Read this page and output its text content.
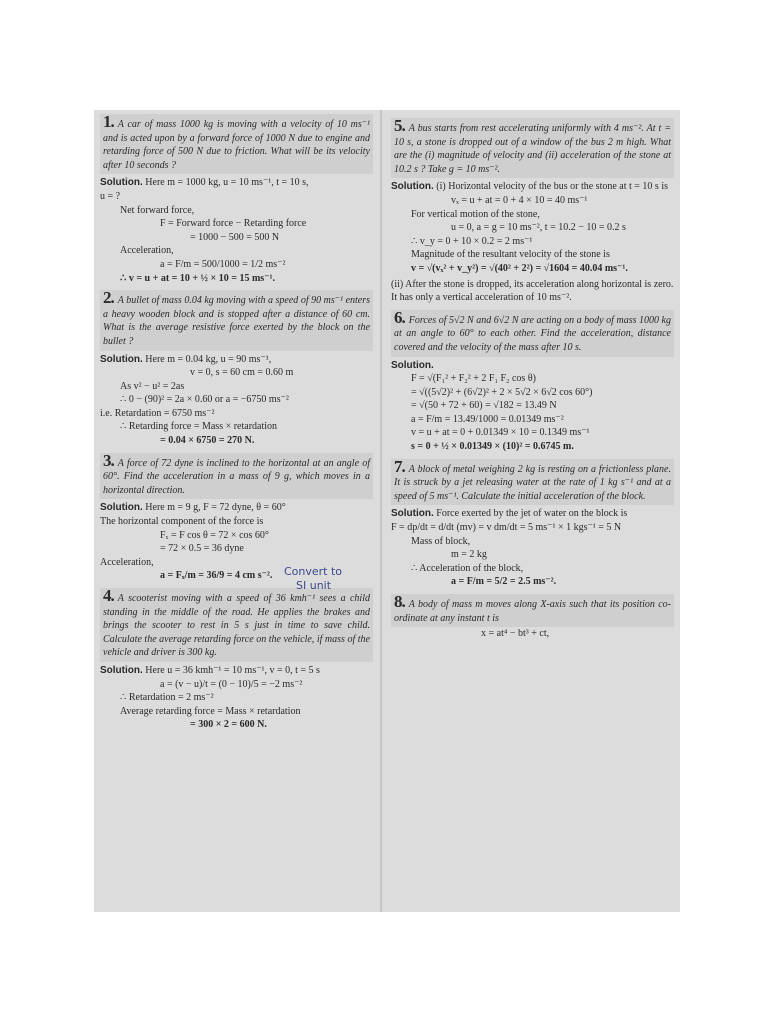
1. A car of mass 1000 kg is moving with a velocity of 10 ms⁻¹ and is acted upon by a forward force of 1000 N due to engine and retarding force of 500 N due to friction. What will be its velocity after 10 seconds ?

Solution. Here m = 1000 kg, u = 10 ms⁻¹, t = 10 s,

u = ?

Net forward force,

F = Forward force − Retarding force

= 1000 − 500 = 500 N

Acceleration,

a = F/m = 500/1000 = 1/2 ms⁻²

∴ v = u + at = 10 + ½ × 10 = 15 ms⁻¹.

2. A bullet of mass 0.04 kg moving with a speed of 90 ms⁻¹ enters a heavy wooden block and is stopped after a distance of 60 cm. What is the average resistive force exerted by the block on the bullet ?

Solution. Here m = 0.04 kg, u = 90 ms⁻¹,

v = 0, s = 60 cm = 0.60 m

As v² − u² = 2as

∴ 0 − (90)² = 2a × 0.60 or a = −6750 ms⁻²

i.e. Retardation = 6750 ms⁻²

∴ Retarding force = Mass × retardation

= 0.04 × 6750 = 270 N.

3. A force of 72 dyne is inclined to the horizontal at an angle of 60°. Find the acceleration in a mass of 9 g, which moves in a horizontal direction.

Solution. Here m = 9 g, F = 72 dyne, θ = 60°

The horizontal component of the force is

Fₓ = F cos θ = 72 × cos 60°

= 72 × 0.5 = 36 dyne

Acceleration,

a = Fₓ/m = 36/9 = 4 cm s⁻².	Convert to
SI unit

4. A scooterist moving with a speed of 36 kmh⁻¹ sees a child standing in the middle of the road. He applies the brakes and brings the scooter to rest in 5 s just in time to save child. Calculate the average retarding force on the vehicle, if mass of the vehicle and driver is 300 kg.

Solution. Here u = 36 kmh⁻¹ = 10 ms⁻¹, v = 0, t = 5 s

a = (v − u)/t = (0 − 10)/5 = −2 ms⁻²

∴ Retardation = 2 ms⁻²

Average retarding force = Mass × retardation

= 300 × 2 = 600 N.

5. A bus starts from rest accelerating uniformly with 4 ms⁻². At t = 10 s, a stone is dropped out of a window of the bus 2 m high. What are the (i) magnitude of velocity and (ii) acceleration of the stone at 10.2 s ? Take g = 10 ms⁻².

Solution. (i) Horizontal velocity of the bus or the stone at t = 10 s is

vₓ = u + at = 0 + 4 × 10 = 40 ms⁻¹

For vertical motion of the stone,

u = 0, a = g = 10 ms⁻², t = 10.2 − 10 = 0.2 s

∴ v_y = 0 + 10 × 0.2 = 2 ms⁻¹

Magnitude of the resultant velocity of the stone is

v = √(vₓ² + v_y²) = √(40² + 2²) = √1604 = 40.04 ms⁻¹.

(ii) After the stone is dropped, its acceleration along horizontal is zero. It has only a vertical acceleration of 10 ms⁻².

6. Forces of 5√2 N and 6√2 N are acting on a body of mass 1000 kg at an angle to 60° to each other. Find the acceleration, distance covered and the velocity of the mass after 10 s.

Solution.

F = √(F₁² + F₂² + 2 F₁ F₂ cos θ)

= √((5√2)² + (6√2)² + 2 × 5√2 × 6√2 cos 60°)

= √(50 + 72 + 60) = √182 = 13.49 N

a = F/m = 13.49/1000 = 0.01349 ms⁻²

v = u + at = 0 + 0.01349 × 10 = 0.1349 ms⁻¹

s = 0 + ½ × 0.01349 × (10)² = 0.6745 m.

7. A block of metal weighing 2 kg is resting on a frictionless plane. It is struck by a jet releasing water at the rate of 1 kg s⁻¹ and at a speed of 5 ms⁻¹. Calculate the initial acceleration of the block.

Solution. Force exerted by the jet of water on the block is

F = dp/dt = d/dt (mv) = v dm/dt = 5 ms⁻¹ × 1 kgs⁻¹ = 5 N

Mass of block,

m = 2 kg

∴ Acceleration of the block,

a = F/m = 5/2 = 2.5 ms⁻².

8. A body of mass m moves along X-axis such that its position co-ordinate at any instant t is

x = at⁴ − bt³ + ct,
